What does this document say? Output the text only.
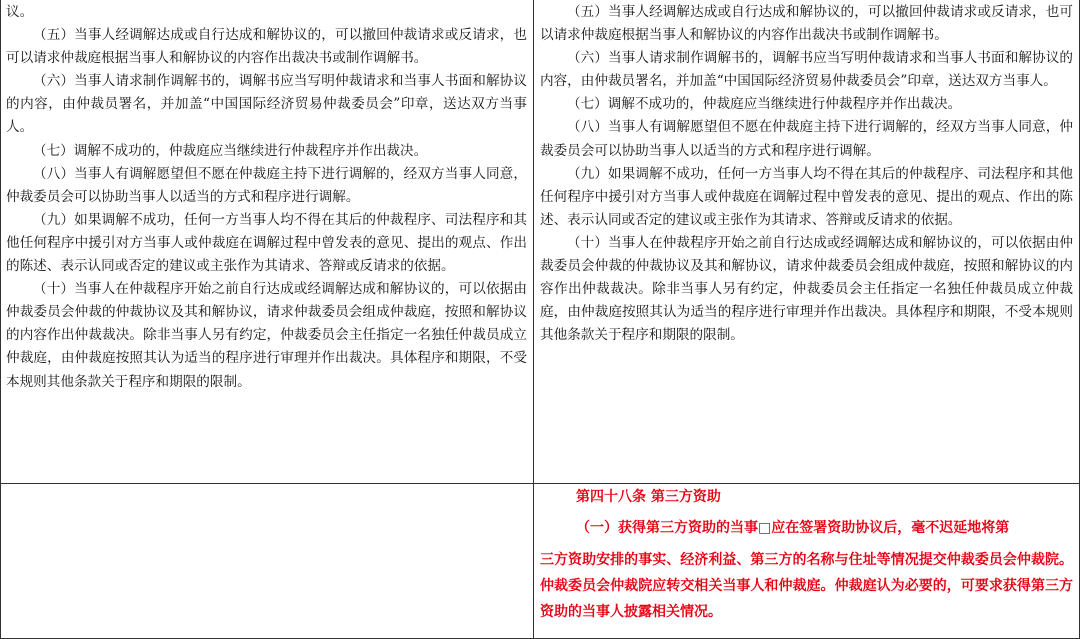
议。

（五）当事人经调解达成或自行达成和解协议的，可以撤回仲裁请求或反请求，也可以请求仲裁庭根据当事人和解协议的内容作出裁决书或制作调解书。

（六）当事人请求制作调解书的，调解书应当写明仲裁请求和当事人书面和解协议的内容，由仲裁员署名，并加盖“中国国际经济贸易仲裁委员会”印章，送达双方当事人。

（七）调解不成功的，仲裁庭应当继续进行仲裁程序并作出裁决。

（八）当事人有调解愿望但不愿在仲裁庭主持下进行调解的，经双方当事人同意，仲裁委员会可以协助当事人以适当的方式和程序进行调解。

（九）如果调解不成功，任何一方当事人均不得在其后的仲裁程序、司法程序和其他任何程序中援引对方当事人或仲裁庭在调解过程中曾发表的意见、提出的观点、作出的陈述、表示认同或否定的建议或主张作为其请求、答辩或反请求的依据。

（十）当事人在仲裁程序开始之前自行达成或经调解达成和解协议的，可以依据由仲裁委员会仲裁的仲裁协议及其和解协议，请求仲裁委员会组成仲裁庭，按照和解协议的内容作出仲裁裁决。除非当事人另有约定，仲裁委员会主任指定一名独任仲裁员成立仲裁庭，由仲裁庭按照其认为适当的程序进行审理并作出裁决。具体程序和期限，不受本规则其他条款关于程序和期限的限制。

（五）当事人经调解达成或自行达成和解协议的，可以撤回仲裁请求或反请求，也可以请求仲裁庭根据当事人和解协议的内容作出裁决书或制作调解书。

（六）当事人请求制作调解书的，调解书应当写明仲裁请求和当事人书面和解协议的内容，由仲裁员署名，并加盖“中国国际经济贸易仲裁委员会”印章，送达双方当事人。

（七）调解不成功的，仲裁庭应当继续进行仲裁程序并作出裁决。

（八）当事人有调解愿望但不愿在仲裁庭主持下进行调解的，经双方当事人同意，仲裁委员会可以协助当事人以适当的方式和程序进行调解。

（九）如果调解不成功，任何一方当事人均不得在其后的仲裁程序、司法程序和其他任何程序中援引对方当事人或仲裁庭在调解过程中曾发表的意见、提出的观点、作出的陈述、表示认同或否定的建议或主张作为其请求、答辩或反请求的依据。

（十）当事人在仲裁程序开始之前自行达成或经调解达成和解协议的，可以依据由仲裁委员会仲裁的仲裁协议及其和解协议，请求仲裁委员会组成仲裁庭，按照和解协议的内容作出仲裁裁决。除非当事人另有约定，仲裁委员会主任指定一名独任仲裁员成立仲裁庭，由仲裁庭按照其认为适当的程序进行审理并作出裁决。具体程序和期限，不受本规则其他条款关于程序和期限的限制。

第四十八条 第三方资助

（一）获得第三方资助的当事□应在签署资助协议后，毫不迟延地将第

三方资助安排的事实、经济利益、第三方的名称与住址等情况提交仲裁委员会仲裁院。仲裁委员会仲裁院应转交相关当事人和仲裁庭。仲裁庭认为必要的，可要求获得第三方资助的当事人披露相关情况。
